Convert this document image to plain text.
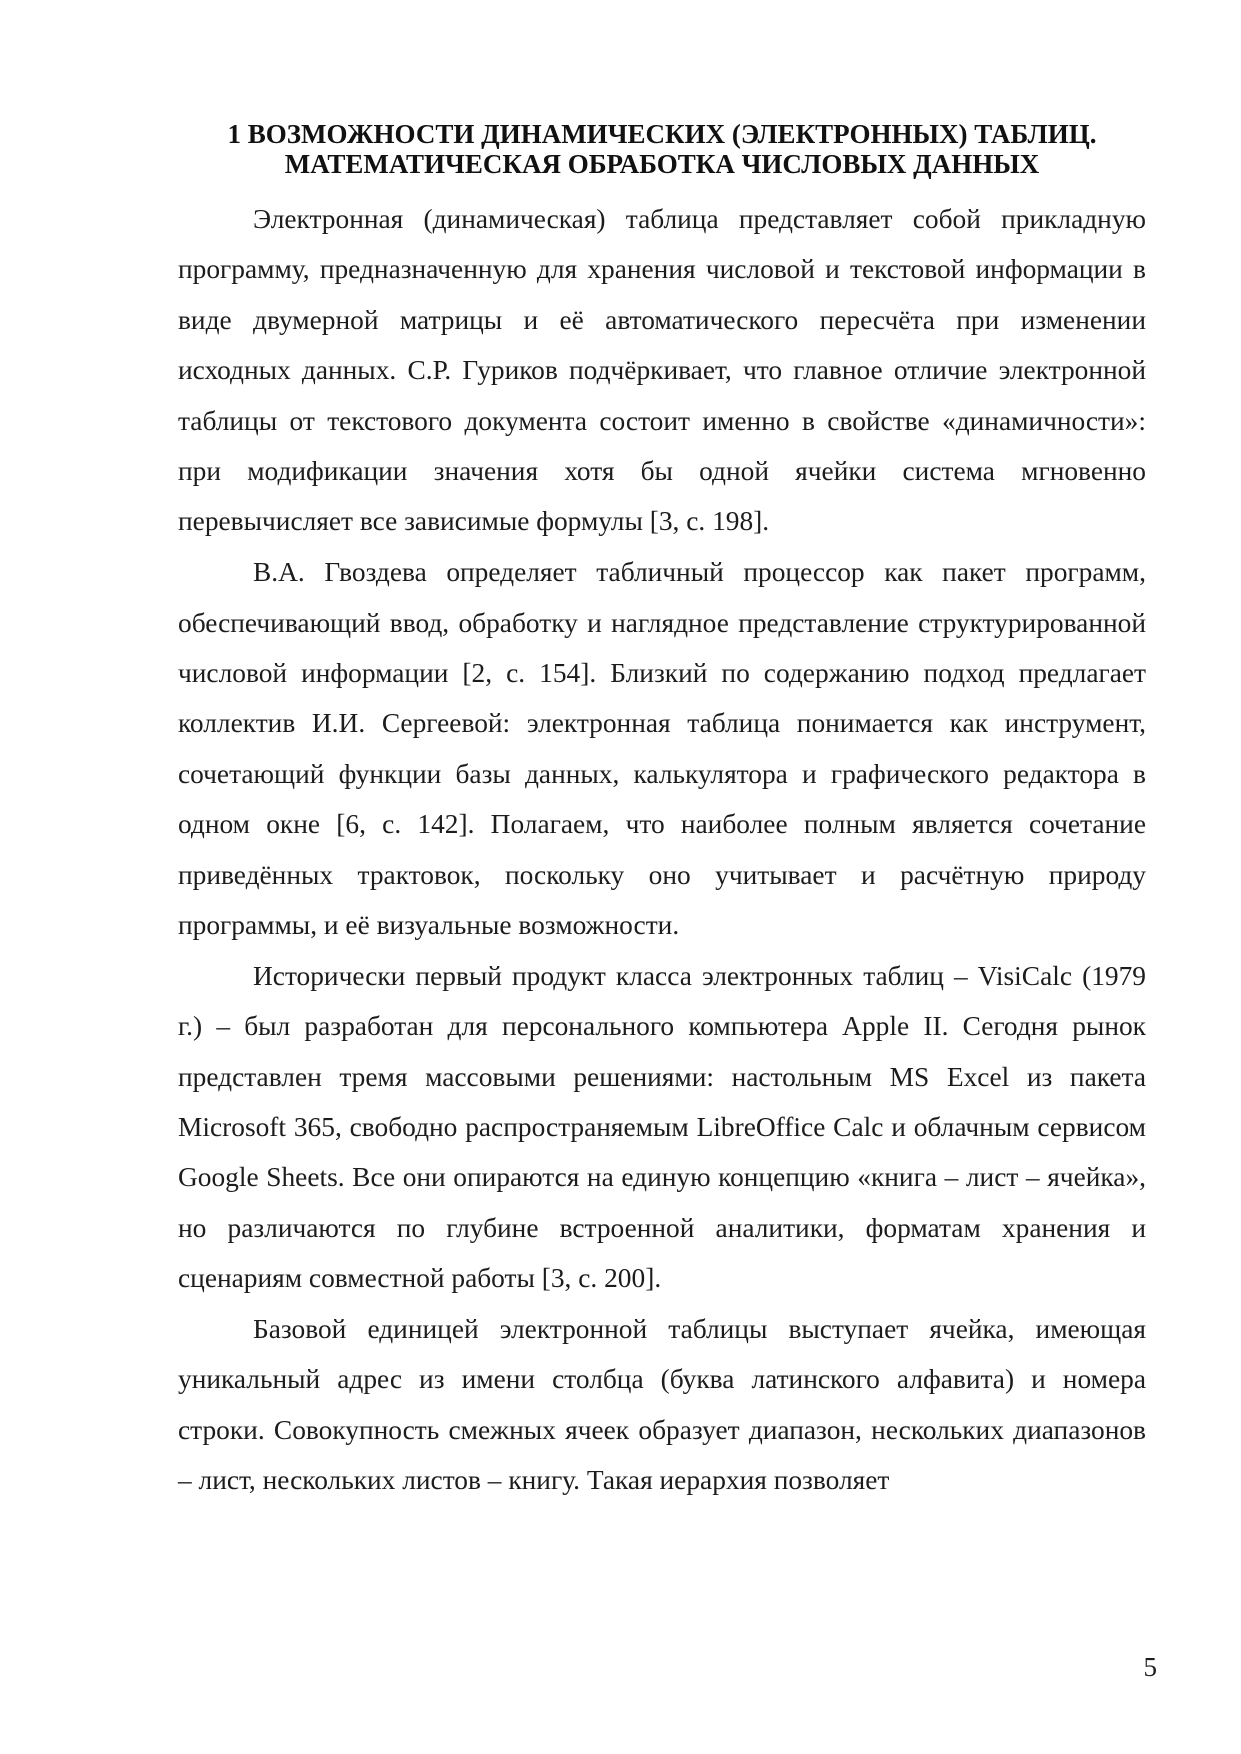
1 ВОЗМОЖНОСТИ ДИНАМИЧЕСКИХ (ЭЛЕКТРОННЫХ) ТАБЛИЦ.
МАТЕМАТИЧЕСКАЯ ОБРАБОТКА ЧИСЛОВЫХ ДАННЫХ

Электронная (динамическая) таблица представляет собой прикладную программу, предназначенную для хранения числовой и текстовой информации в виде двумерной матрицы и её автоматического пересчёта при изменении исходных данных. С.Р. Гуриков подчёркивает, что главное отличие электронной таблицы от текстового документа состоит именно в свойстве «динамичности»: при модификации значения хотя бы одной ячейки система мгновенно перевычисляет все зависимые формулы [3, с. 198].

В.А. Гвоздева определяет табличный процессор как пакет программ, обеспечивающий ввод, обработку и наглядное представление структурированной числовой информации [2, с. 154]. Близкий по содержанию подход предлагает коллектив И.И. Сергеевой: электронная таблица понимается как инструмент, сочетающий функции базы данных, калькулятора и графического редактора в одном окне [6, с. 142]. Полагаем, что наиболее полным является сочетание приведённых трактовок, поскольку оно учитывает и расчётную природу программы, и её визуальные возможности.

Исторически первый продукт класса электронных таблиц – VisiCalc (1979 г.) – был разработан для персонального компьютера Apple II. Сегодня рынок представлен тремя массовыми решениями: настольным MS Excel из пакета Microsoft 365, свободно распространяемым LibreOffice Calc и облачным сервисом Google Sheets. Все они опираются на единую концепцию «книга – лист – ячейка», но различаются по глубине встроенной аналитики, форматам хранения и сценариям совместной работы [3, с. 200].

Базовой единицей электронной таблицы выступает ячейка, имеющая уникальный адрес из имени столбца (буква латинского алфавита) и номера строки. Совокупность смежных ячеек образует диапазон, нескольких диапазонов – лист, нескольких листов – книгу. Такая иерархия позволяет

5
